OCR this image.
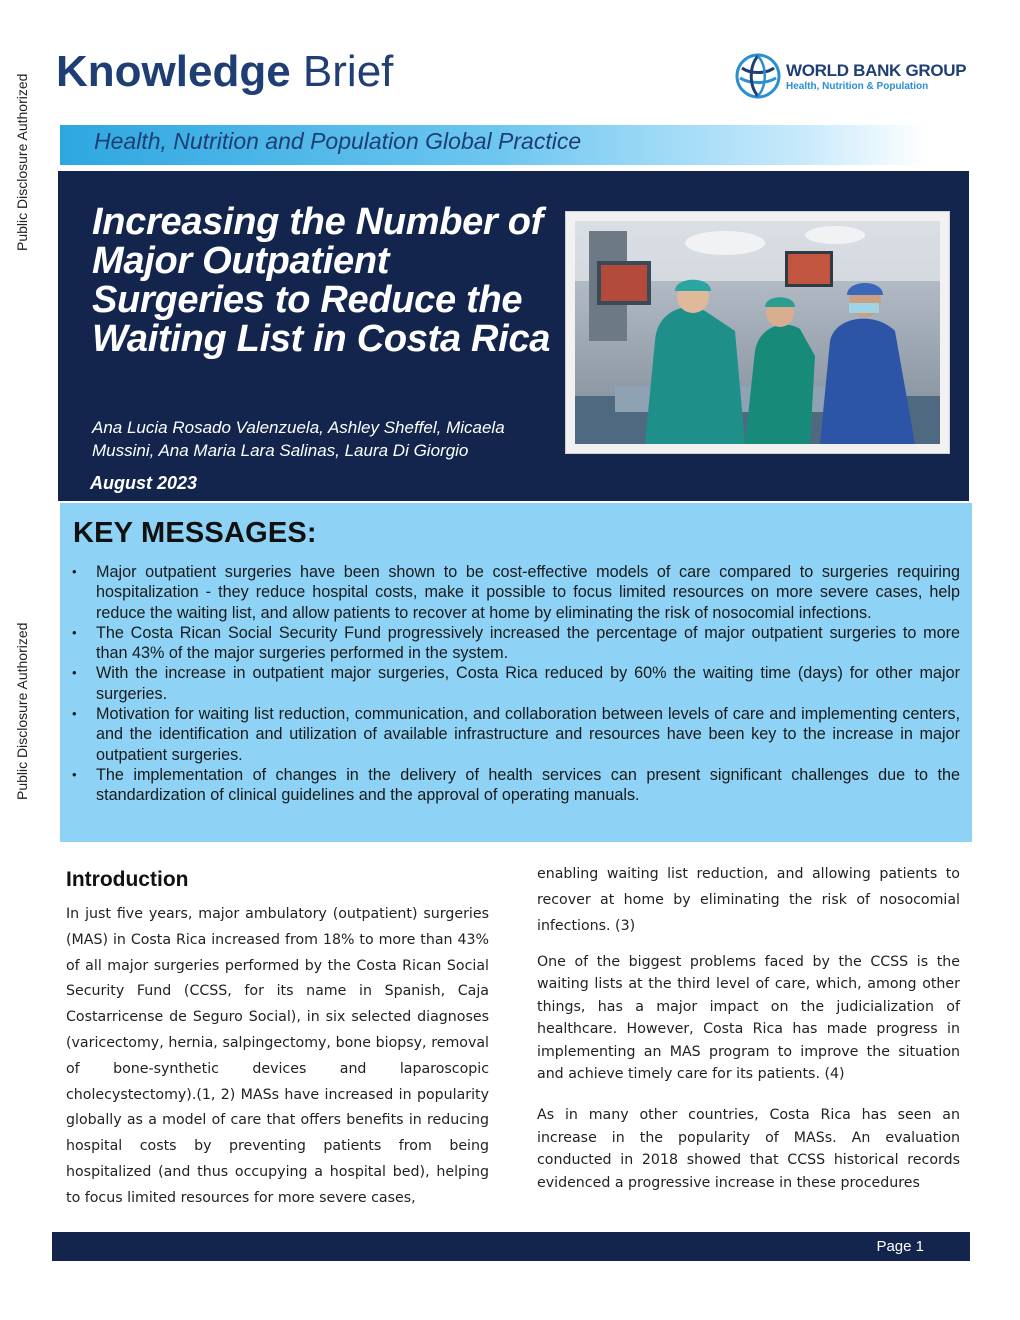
Public Disclosure Authorized
Public Disclosure Authorized
Knowledge Brief	WORLD BANK GROUP
Health, Nutrition & Population
Health, Nutrition and Population Global Practice
Increasing the Number of Major Outpatient Surgeries to Reduce the Waiting List in Costa Rica
Ana Lucia Rosado Valenzuela, Ashley Sheffel, Micaela Mussini, Ana Maria Lara Salinas, Laura Di Giorgio
August 2023
KEY MESSAGES:
• Major outpatient surgeries have been shown to be cost-effective models of care compared to surgeries requiring hospitalization - they reduce hospital costs, make it possible to focus limited resources on more severe cases, help reduce the waiting list, and allow patients to recover at home by eliminating the risk of nosocomial infections.
• The Costa Rican Social Security Fund progressively increased the percentage of major outpatient surgeries to more than 43% of the major surgeries performed in the system.
• With the increase in outpatient major surgeries, Costa Rica reduced by 60% the waiting time (days) for other major surgeries.
• Motivation for waiting list reduction, communication, and collaboration between levels of care and implementing centers, and the identification and utilization of available infrastructure and resources have been key to the increase in major outpatient surgeries.
• The implementation of changes in the delivery of health services can present significant challenges due to the standardization of clinical guidelines and the approval of operating manuals.
Introduction

In just five years, major ambulatory (outpatient) surgeries (MAS) in Costa Rica increased from 18% to more than 43% of all major surgeries performed by the Costa Rican Social Security Fund (CCSS, for its name in Spanish, Caja Costarricense de Seguro Social), in six selected diagnoses (varicectomy, hernia, salpingectomy, bone biopsy, removal of bone-synthetic devices and laparoscopic cholecystectomy).(1, 2) MASs have increased in popularity globally as a model of care that offers benefits in reducing hospital costs by preventing patients from being hospitalized (and thus occupying a hospital bed), helping to focus limited resources for more severe cases,

enabling waiting list reduction, and allowing patients to recover at home by eliminating the risk of nosocomial infections. (3)

One of the biggest problems faced by the CCSS is the waiting lists at the third level of care, which, among other things, has a major impact on the judicialization of healthcare. However, Costa Rica has made progress in implementing an MAS program to improve the situation and achieve timely care for its patients. (4)

As in many other countries, Costa Rica has seen an increase in the popularity of MASs. An evaluation conducted in 2018 showed that CCSS historical records evidenced a progressive increase in these procedures

Page 1
